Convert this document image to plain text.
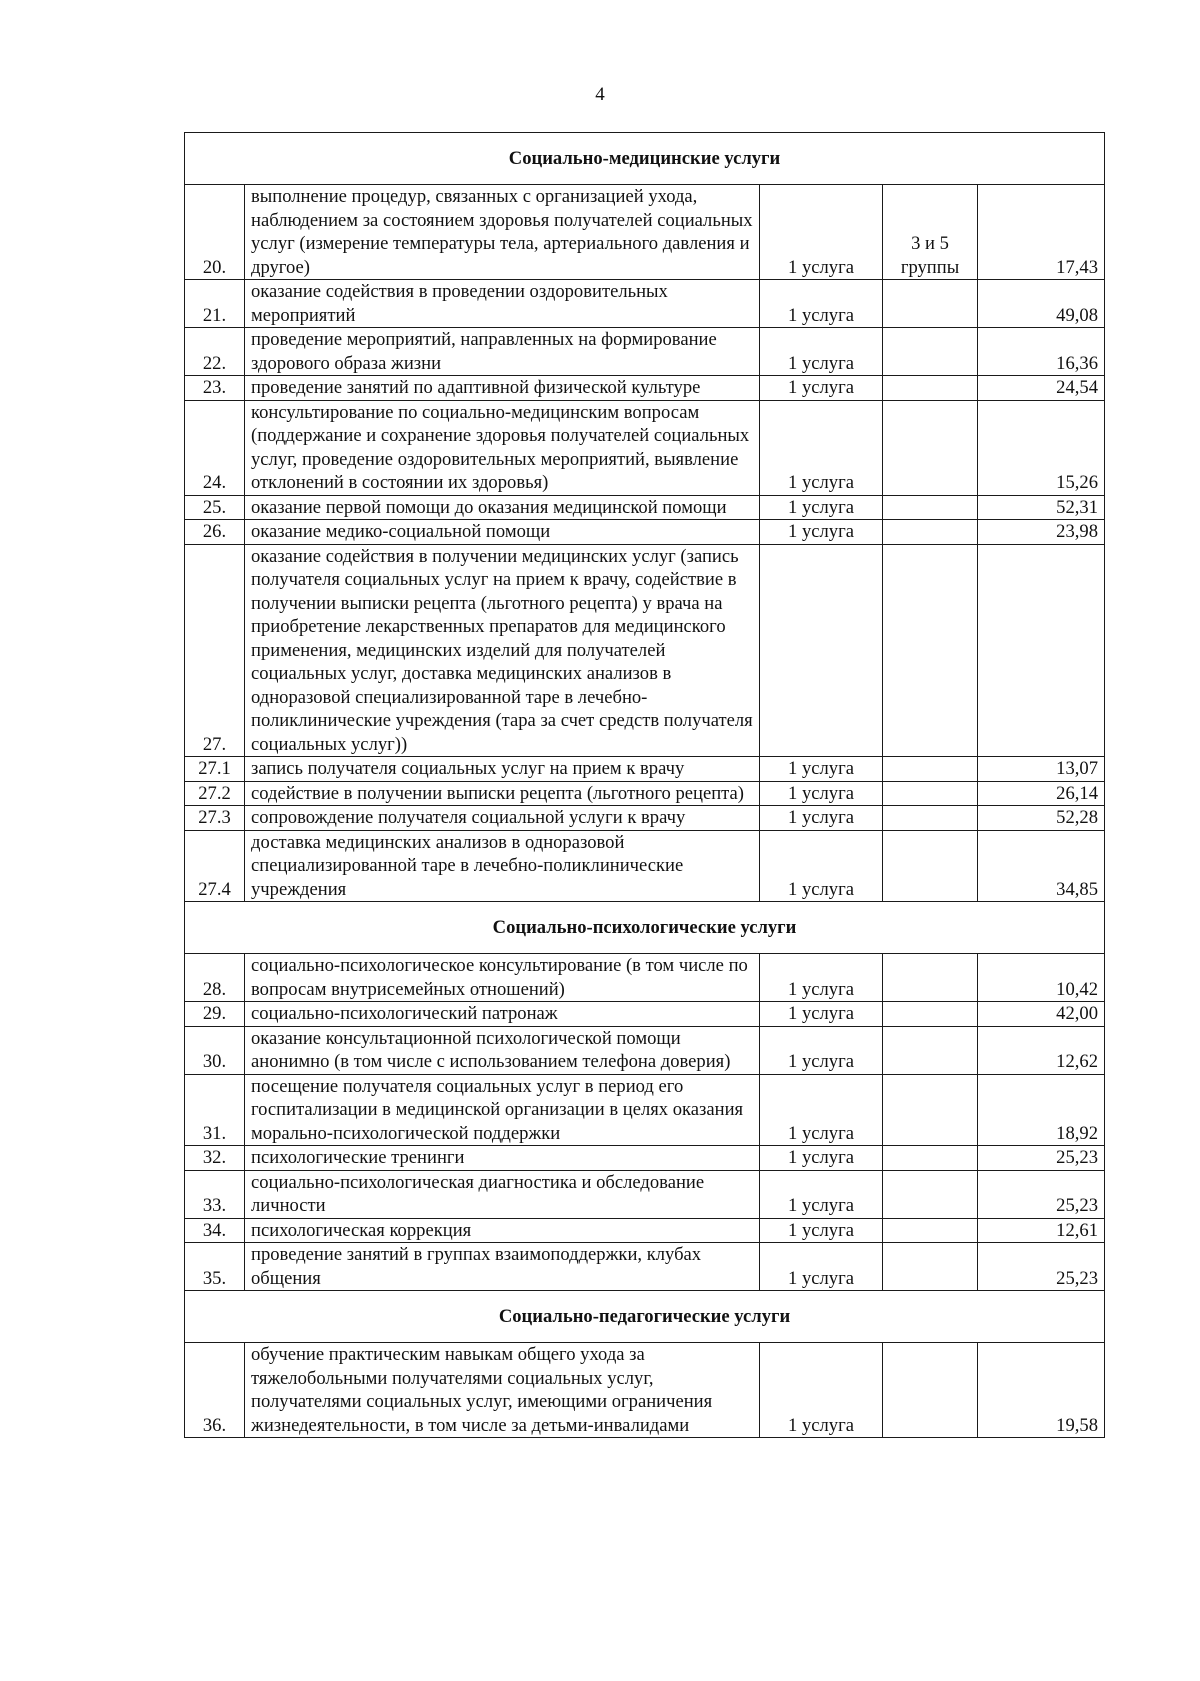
4
Социально-медицинские услуги				
20.	выполнение процедур, связанных с организацией ухода, наблюдением за состоянием здоровья получателей социальных услуг (измерение температуры тела, артериального давления и другое)	1 услуга	3 и 5 группы	17,43
21.	оказание содействия в проведении оздоровительных мероприятий	1 услуга		49,08
22.	проведение мероприятий, направленных на формирование здорового образа жизни	1 услуга		16,36
23.	проведение занятий по адаптивной физической культуре	1 услуга		24,54
24.	консультирование по социально-медицинским вопросам (поддержание и сохранение здоровья получателей социальных услуг, проведение оздоровительных мероприятий, выявление отклонений в состоянии их здоровья)	1 услуга		15,26
25.	оказание первой помощи до оказания медицинской помощи	1 услуга		52,31
26.	оказание медико-социальной помощи	1 услуга		23,98
27.	оказание содействия в получении медицинских услуг (запись получателя социальных услуг на прием к врачу, содействие в получении выписки рецепта (льготного рецепта) у врача на приобретение лекарственных препаратов для медицинского применения, медицинских изделий для получателей социальных услуг, доставка медицинских анализов в одноразовой специализированной таре в лечебно-поликлинические учреждения (тара за счет средств получателя социальных услуг))			
27.1	запись получателя социальных услуг на прием к врачу	1 услуга		13,07
27.2	содействие в получении выписки рецепта (льготного рецепта)	1 услуга		26,14
27.3	сопровождение получателя социальной услуги к врачу	1 услуга		52,28
27.4	доставка медицинских анализов в одноразовой специализированной таре в лечебно-поликлинические учреждения	1 услуга		34,85
Социально-психологические услуги				
28.	социально-психологическое консультирование (в том числе по вопросам внутрисемейных отношений)	1 услуга		10,42
29.	социально-психологический патронаж	1 услуга		42,00
30.	оказание консультационной психологической помощи анонимно (в том числе с использованием телефона доверия)	1 услуга		12,62
31.	посещение получателя социальных услуг в период его госпитализации в медицинской организации в целях оказания морально-психологической поддержки	1 услуга		18,92
32.	психологические тренинги	1 услуга		25,23
33.	социально-психологическая диагностика и обследование личности	1 услуга		25,23
34.	психологическая коррекция	1 услуга		12,61
35.	проведение занятий в группах взаимоподдержки, клубах общения	1 услуга		25,23
Социально-педагогические услуги				
36.	обучение практическим навыкам общего ухода за тяжелобольными получателями социальных услуг, получателями социальных услуг, имеющими ограничения жизнедеятельности, в том числе за детьми-инвалидами	1 услуга		19,58
